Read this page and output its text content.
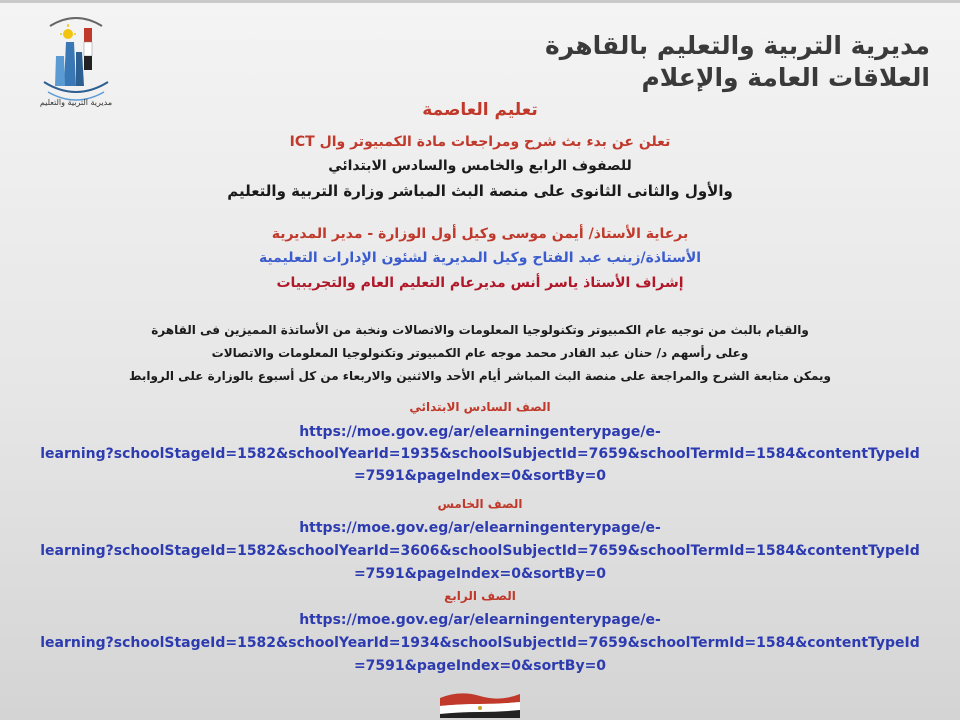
مديرية التربية والتعليم
مديرية التربية والتعليم بالقاهرة
العلاقات العامة والإعلام
تعليم العاصمة
تعلن عن بدء بث شرح ومراجعات مادة الكمبيوتر وال ICT
للصفوف الرابع والخامس والسادس الابتدائي
والأول والثانى الثانوى على منصة البث المباشر وزارة التربية والتعليم
برعاية الأستاذ/ أيمن موسى وكيل أول الوزارة - مدير المديرية
الأستاذة/زينب عبد الفتاح وكيل المديرية لشئون الإدارات التعليمية
إشراف الأستاذ ياسر أنس مديرعام التعليم العام والتجريبيات
والقيام بالبث من توجيه عام الكمبيوتر وتكنولوجيا المعلومات والاتصالات ونخبة من الأساتذة المميزين فى القاهرة
وعلى رأسهم د/ حنان عبد القادر محمد موجه عام الكمبيوتر وتكنولوجيا المعلومات والاتصالات
ويمكن متابعة الشرح والمراجعة على منصة البث المباشر أيام الأحد والاثنين والاربعاء من كل أسبوع بالوزارة على الروابط
الصف السادس الابتدائي
https://moe.gov.eg/ar/elearningenterypage/e-
learning?schoolStageId=1582&schoolYearId=1935&schoolSubjectId=7659&schoolTermId=1584&contentTypeId
=7591&pageIndex=0&sortBy=0
الصف الخامس
https://moe.gov.eg/ar/elearningenterypage/e-
learning?schoolStageId=1582&schoolYearId=3606&schoolSubjectId=7659&schoolTermId=1584&contentTypeId
=7591&pageIndex=0&sortBy=0
الصف الرابع
https://moe.gov.eg/ar/elearningenterypage/e-
learning?schoolStageId=1582&schoolYearId=1934&schoolSubjectId=7659&schoolTermId=1584&contentTypeId
=7591&pageIndex=0&sortBy=0
